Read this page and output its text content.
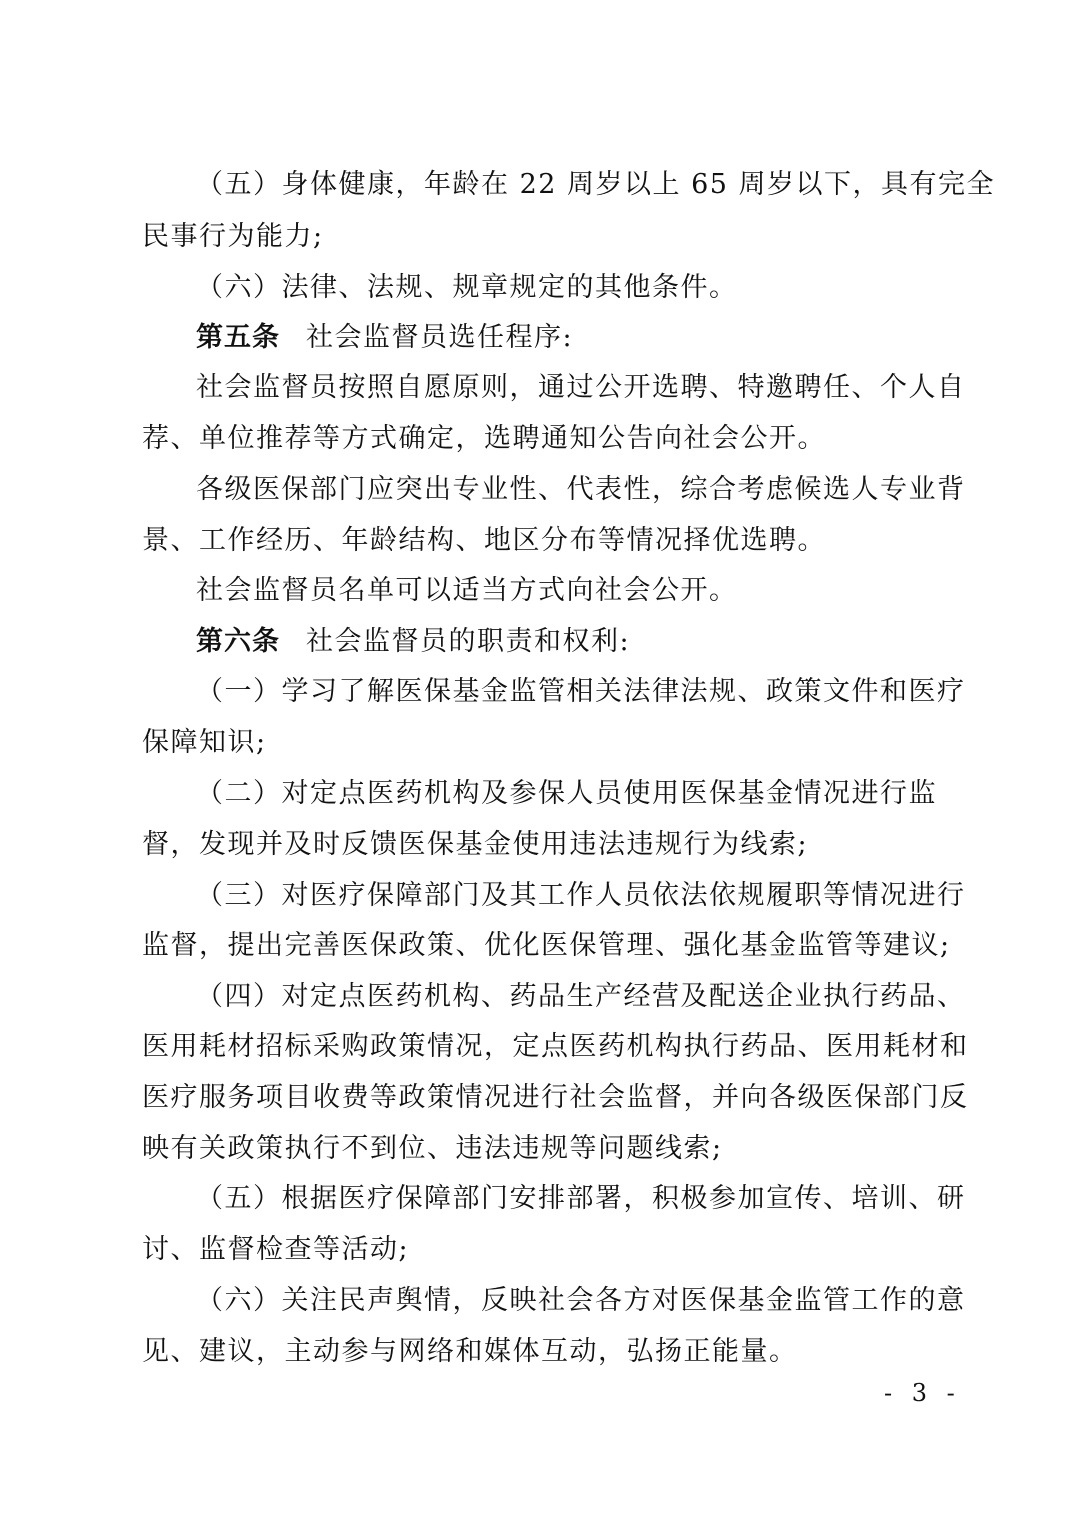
（五）身体健康，年龄在 22 周岁以上 65 周岁以下，具有完全
民事行为能力;
（六）法律、法规、规章规定的其他条件。
第五条 社会监督员选任程序:
社会监督员按照自愿原则，通过公开选聘、特邀聘任、个人自
荐、单位推荐等方式确定，选聘通知公告向社会公开。
各级医保部门应突出专业性、代表性，综合考虑候选人专业背
景、工作经历、年龄结构、地区分布等情况择优选聘。
社会监督员名单可以适当方式向社会公开。
第六条 社会监督员的职责和权利:
（一）学习了解医保基金监管相关法律法规、政策文件和医疗
保障知识;
（二）对定点医药机构及参保人员使用医保基金情况进行监
督，发现并及时反馈医保基金使用违法违规行为线索;
（三）对医疗保障部门及其工作人员依法依规履职等情况进行
监督，提出完善医保政策、优化医保管理、强化基金监管等建议;
（四）对定点医药机构、药品生产经营及配送企业执行药品、
医用耗材招标采购政策情况，定点医药机构执行药品、医用耗材和
医疗服务项目收费等政策情况进行社会监督，并向各级医保部门反
映有关政策执行不到位、违法违规等问题线索;
（五）根据医疗保障部门安排部署，积极参加宣传、培训、研
讨、监督检查等活动;
（六）关注民声舆情，反映社会各方对医保基金监管工作的意
见、建议，主动参与网络和媒体互动，弘扬正能量。
- 3 -
